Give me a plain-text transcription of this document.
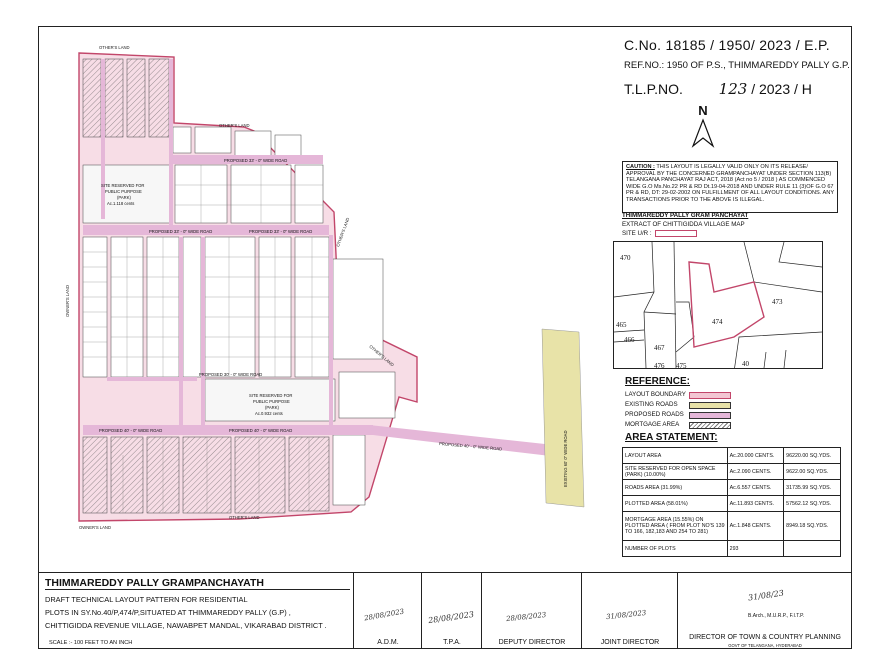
C.No. 18185 / 1950/ 2023 / E.P.
REF.NO.: 1950 OF P.S., THIMMAREDDY PALLY G.P.
T.L.P.NO. 123 / 2023 / H
N
CAUTION : THIS LAYOUT IS LEGALLY VALID ONLY ON ITS RELEASE/ APPROVAL BY THE CONCERNED GRAMPANCHAYAT UNDER SECTION 113(B) TELANGANA PANCHAYAT RAJ ACT, 2018 (Act no 5 / 2018 ) AS COMMENCED WIDE G.O Ms.No.22 PR & RD Dt.19-04-2018 AND UNDER RULE 11 (3)OF G.O 67 PR & RD, DT: 29-02-2002 ON FULFILLMENT OF ALL LAYOUT CONDITIONS. ANY TRANSACTIONS PRIOR TO THE ABOVE IS ILLEGAL.
THIMMAREDDY PALLY GRAM PANCHAYAT
EXTRACT OF CHITTIGIDDA VILLAGE MAP
SITE U/R :
470
473
474
465
466
467
476 475	40
REFERENCE:
LAYOUT BOUNDARY
EXISTING ROADS
PROPOSED ROADS
MORTGAGE AREA
AREA STATEMENT:
LAYOUT AREA	Ac.20.000 CENTS.	96220.00 SQ.YDS.
SITE RESERVED FOR OPEN SPACE (PARK) (10.00%)	Ac.2.090 CENTS.	9622.00 SQ.YDS.
ROADS AREA (31.99%)	Ac.6.557 CENTS.	31735.99 SQ.YDS.
PLOTTED AREA (58.01%)	Ac.11.893 CENTS.	57562.12 SQ.YDS.
MORTGAGE AREA (15.55%) ON PLOTTED AREA ( FROM PLOT NO'S 139 TO 166, 182,183 AND 254 TO 281)	Ac.1.848 CENTS.	8949.18 SQ.YDS.
NUMBER OF PLOTS	293	
PROPOSED 33' - 0" WIDE ROAD
PROPOSED 33' - 0" WIDE ROAD	PROPOSED 33' - 0" WIDE ROAD
PROPOSED 30' - 0" WIDE ROAD
PROPOSED 40' - 0" WIDE ROAD	PROPOSED 40' - 0" WIDE ROAD
PROPOSED 40' - 0" WIDE ROAD	EXISTING 60' 0" WIDE ROAD
SITE RESERVED FOR
PUBLIC PURPOSE
(PARK)
Ac.1.118 cents
SITE RESERVED FOR
PUBLIC PURPOSE
(PARK)
Ac.0.932 cents
OTHER'S LAND
OTHER'S LAND
OTHER'S LAND
OTHER'S LAND
OWNER'S LAND
OTHER'S LAND
OWNER'S LAND
THIMMAREDDY PALLY GRAMPANCHAYATH
DRAFT TECHNICAL LAYOUT PATTERN FOR RESIDENTIAL
PLOTS IN SY.No.40/P,474/P,SITUATED AT THIMMAREDDY PALLY (G.P) ,
CHITTIGIDDA REVENUE VILLAGE, NAWABPET MANDAL, VIKARABAD DISTRICT .
SCALE :- 100 FEET TO AN INCH
28/08/2023
A.D.M.
28/08/2023
T.P.A.
28/08/2023
DEPUTY DIRECTOR
31/08/2023
JOINT DIRECTOR
31/08/23
B.Arch., M.U.R.P., F.I.T.P.
DIRECTOR OF TOWN & COUNTRY PLANNING
GOVT OF TELANGANA, HYDERABAD
